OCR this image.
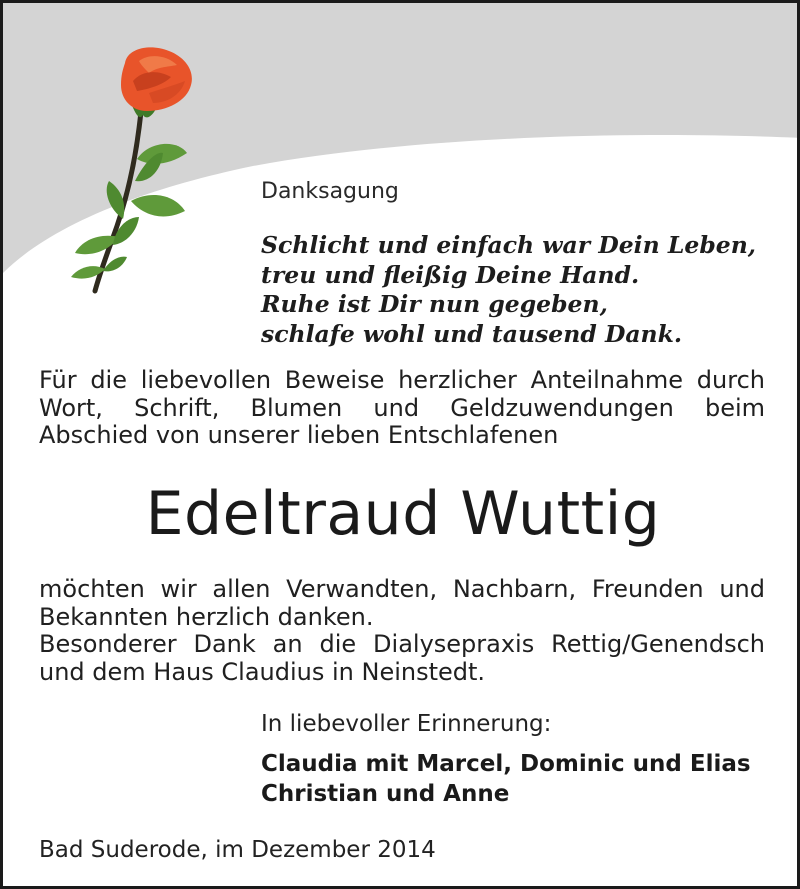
Danksagung
Schlicht und einfach war Dein Leben,
treu und fleißig Deine Hand.
Ruhe ist Dir nun gegeben,
schlafe wohl und tausend Dank.
Für die liebevollen Beweise herzlicher Anteilnahme durch
Wort, Schrift, Blumen und Geldzuwendungen beim
Abschied von unserer lieben Entschlafenen
Edeltraud Wuttig
möchten wir allen Verwandten, Nachbarn, Freunden und
Bekannten herzlich danken.
Besonderer Dank an die Dialysepraxis Rettig/Genendsch
und dem Haus Claudius in Neinstedt.
In liebevoller Erinnerung:
Claudia mit Marcel, Dominic und Elias
Christian und Anne
Bad Suderode, im Dezember 2014
